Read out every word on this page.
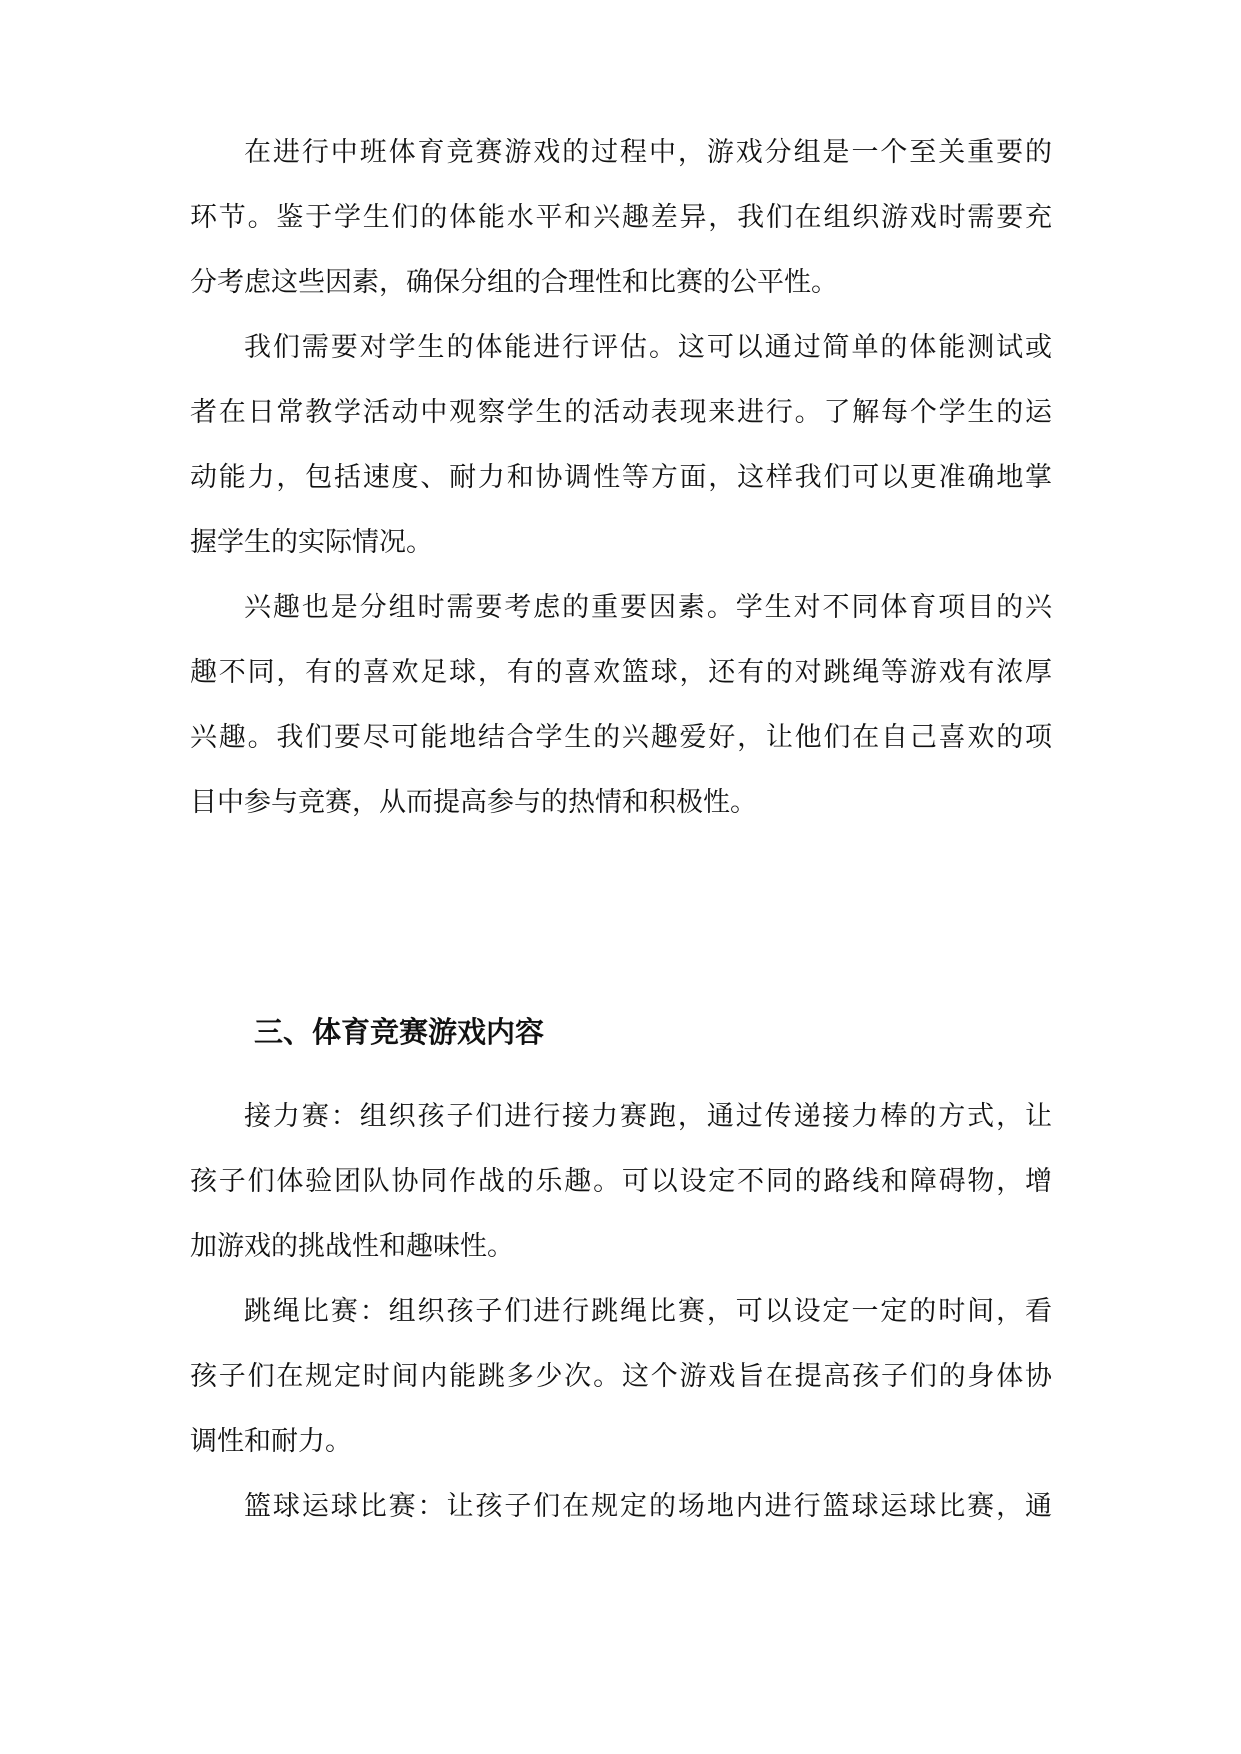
在进行中班体育竞赛游戏的过程中，游戏分组是一个至关重要的
环节。鉴于学生们的体能水平和兴趣差异，我们在组织游戏时需要充
分考虑这些因素，确保分组的合理性和比赛的公平性。
我们需要对学生的体能进行评估。这可以通过简单的体能测试或
者在日常教学活动中观察学生的活动表现来进行。了解每个学生的运
动能力，包括速度、耐力和协调性等方面，这样我们可以更准确地掌
握学生的实际情况。
兴趣也是分组时需要考虑的重要因素。学生对不同体育项目的兴
趣不同，有的喜欢足球，有的喜欢篮球，还有的对跳绳等游戏有浓厚
兴趣。我们要尽可能地结合学生的兴趣爱好，让他们在自己喜欢的项
目中参与竞赛，从而提高参与的热情和积极性。
三、体育竞赛游戏内容
接力赛：组织孩子们进行接力赛跑，通过传递接力棒的方式，让
孩子们体验团队协同作战的乐趣。可以设定不同的路线和障碍物，增
加游戏的挑战性和趣味性。
跳绳比赛：组织孩子们进行跳绳比赛，可以设定一定的时间，看
孩子们在规定时间内能跳多少次。这个游戏旨在提高孩子们的身体协
调性和耐力。
篮球运球比赛：让孩子们在规定的场地内进行篮球运球比赛，通
